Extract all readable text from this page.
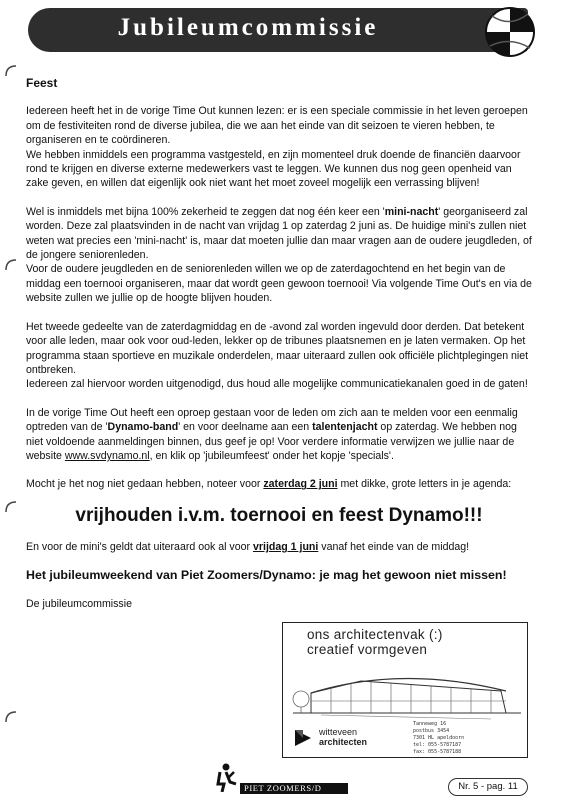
Jubileumcommissie

Feest

Iedereen heeft het in de vorige Time Out kunnen lezen: er is een speciale commissie in het leven geroepen om de festiviteiten rond de diverse jubilea, die we aan het einde van dit seizoen te vieren hebben, te organiseren en te coördineren.

We hebben inmiddels een programma vastgesteld, en zijn momenteel druk doende de financiën daarvoor rond te krijgen en diverse externe medewerkers vast te leggen. We kunnen dus nog geen openheid van zake geven, en willen dat eigenlijk ook niet want het moet zoveel mogelijk een verrassing blijven!

Wel is inmiddels met bijna 100% zekerheid te zeggen dat nog één keer een 'mini-nacht' georganiseerd zal worden. Deze zal plaatsvinden in de nacht van vrijdag 1 op zaterdag 2 juni as. De huidige mini's zullen niet weten wat precies een 'mini-nacht' is, maar dat moeten jullie dan maar vragen aan de oudere jeugdleden, of de jongere seniorenleden.

Voor de oudere jeugdleden en de seniorenleden willen we op de zaterdagochtend en het begin van de middag een toernooi organiseren, maar dat wordt geen gewoon toernooi! Via volgende Time Out's en via de website zullen we jullie op de hoogte blijven houden.

Het tweede gedeelte van de zaterdagmiddag en de -avond zal worden ingevuld door derden. Dat betekent voor alle leden, maar ook voor oud-leden, lekker op de tribunes plaatsnemen en je laten vermaken. Op het programma staan sportieve en muzikale onderdelen, maar uiteraard zullen ook officiële plichtplegingen niet ontbreken.

Iedereen zal hiervoor worden uitgenodigd, dus houd alle mogelijke communicatiekanalen goed in de gaten!

In de vorige Time Out heeft een oproep gestaan voor de leden om zich aan te melden voor een eenmalig optreden van de 'Dynamo-band' en voor deelname aan een talentenjacht op zaterdag. We hebben nog niet voldoende aanmeldingen binnen, dus geef je op! Voor verdere informatie verwijzen we jullie naar de website www.svdynamo.nl, en klik op 'jubileumfeest' onder het kopje 'specials'.

Mocht je het nog niet gedaan hebben, noteer voor zaterdag 2 juni met dikke, grote letters in je agenda:

vrijhouden i.v.m. toernooi en feest Dynamo!!!

En voor de mini's geldt dat uiteraard ook al voor vrijdag 1 juni vanaf het einde van de middag!

Het jubileumweekend van Piet Zoomers/Dynamo: je mag het gewoon niet missen!

De jubileumcommissie

ons architectenvak (:)
creatief vormgeven
witteveen
architecten
Tanneweg 16
postbus 3454
7301 HL apeldoorn
tel: 055-5787187
fax: 055-5787188
PIET ZOOMERS/D	Nr. 5 - pag. 11
